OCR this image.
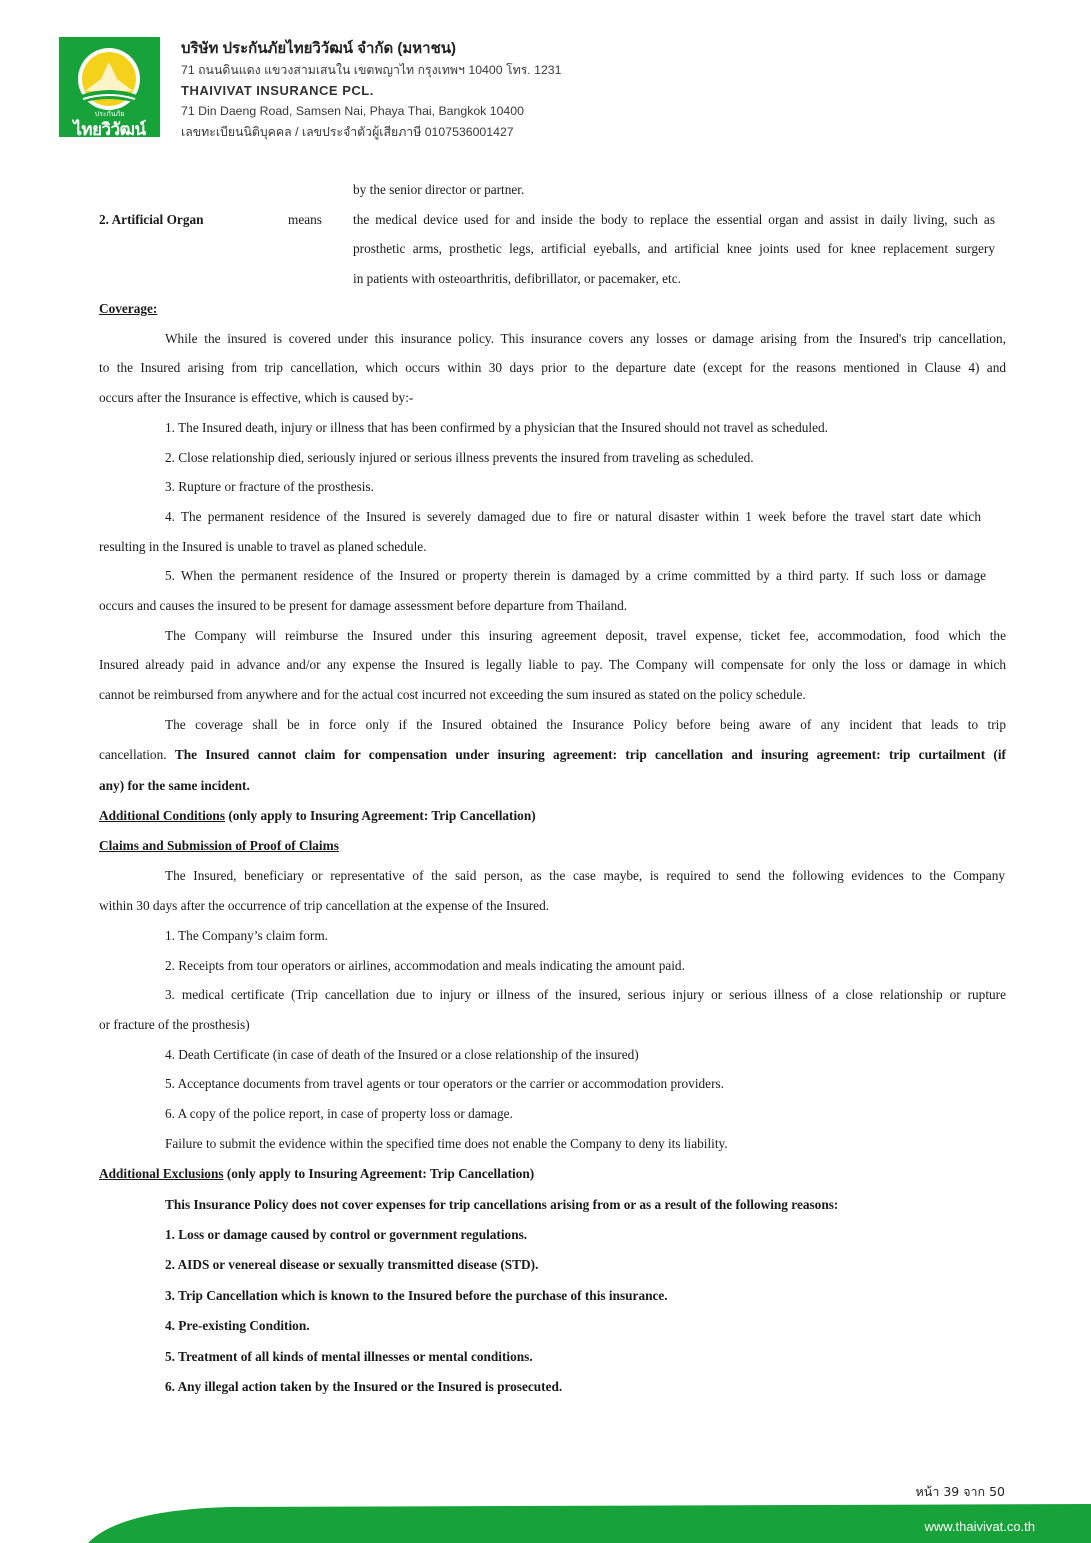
ประกันภัย
ไทยวิวัฒน์
บริษัท ประกันภัยไทยวิวัฒน์ จำกัด (มหาชน)
71 ถนนดินแดง แขวงสามเสนใน เขตพญาไท กรุงเทพฯ 10400 โทร. 1231
THAIVIVAT INSURANCE PCL.
71 Din Daeng Road, Samsen Nai, Phaya Thai, Bangkok 10400
เลขทะเบียนนิติบุคคล / เลขประจำตัวผู้เสียภาษี 0107536001427
by the senior director or partner.
2. Artificial Organ	means the medical device used for and inside the body to replace the essential organ and assist in daily living, such as
prosthetic arms, prosthetic legs, artificial eyeballs, and artificial knee joints used for knee replacement surgery
in patients with osteoarthritis, defibrillator, or pacemaker, etc.
Coverage:
While the insured is covered under this insurance policy. This insurance covers any losses or damage arising from the Insured's trip cancellation,
to the Insured arising from trip cancellation, which occurs within 30 days prior to the departure date (except for the reasons mentioned in Clause 4) and
occurs after the Insurance is effective, which is caused by:-
1. The Insured death, injury or illness that has been confirmed by a physician that the Insured should not travel as scheduled.
2. Close relationship died, seriously injured or serious illness prevents the insured from traveling as scheduled.
3. Rupture or fracture of the prosthesis.
4. The permanent residence of the Insured is severely damaged due to fire or natural disaster within 1 week before the travel start date which
resulting in the Insured is unable to travel as planed schedule.
5. When the permanent residence of the Insured or property therein is damaged by a crime committed by a third party. If such loss or damage
occurs and causes the insured to be present for damage assessment before departure from Thailand.
The Company will reimburse the Insured under this insuring agreement deposit, travel expense, ticket fee, accommodation, food which the
Insured already paid in advance and/or any expense the Insured is legally liable to pay. The Company will compensate for only the loss or damage in which
cannot be reimbursed from anywhere and for the actual cost incurred not exceeding the sum insured as stated on the policy schedule.
The coverage shall be in force only if the Insured obtained the Insurance Policy before being aware of any incident that leads to trip
cancellation. The Insured cannot claim for compensation under insuring agreement: trip cancellation and insuring agreement: trip curtailment (if
any) for the same incident.
Additional Conditions (only apply to Insuring Agreement: Trip Cancellation)
Claims and Submission of Proof of Claims
The Insured, beneficiary or representative of the said person, as the case maybe, is required to send the following evidences to the Company
within 30 days after the occurrence of trip cancellation at the expense of the Insured.
1. The Company’s claim form.
2. Receipts from tour operators or airlines, accommodation and meals indicating the amount paid.
3. medical certificate (Trip cancellation due to injury or illness of the insured, serious injury or serious illness of a close relationship or rupture
or fracture of the prosthesis)
4. Death Certificate (in case of death of the Insured or a close relationship of the insured)
5. Acceptance documents from travel agents or tour operators or the carrier or accommodation providers.
6. A copy of the police report, in case of property loss or damage.
Failure to submit the evidence within the specified time does not enable the Company to deny its liability.
Additional Exclusions (only apply to Insuring Agreement: Trip Cancellation)
This Insurance Policy does not cover expenses for trip cancellations arising from or as a result of the following reasons:
1. Loss or damage caused by control or government regulations.
2. AIDS or venereal disease or sexually transmitted disease (STD).
3. Trip Cancellation which is known to the Insured before the purchase of this insurance.
4. Pre-existing Condition.
5. Treatment of all kinds of mental illnesses or mental conditions.
6. Any illegal action taken by the Insured or the Insured is prosecuted.
หน้า 39 จาก 50
www.thaivivat.co.th
